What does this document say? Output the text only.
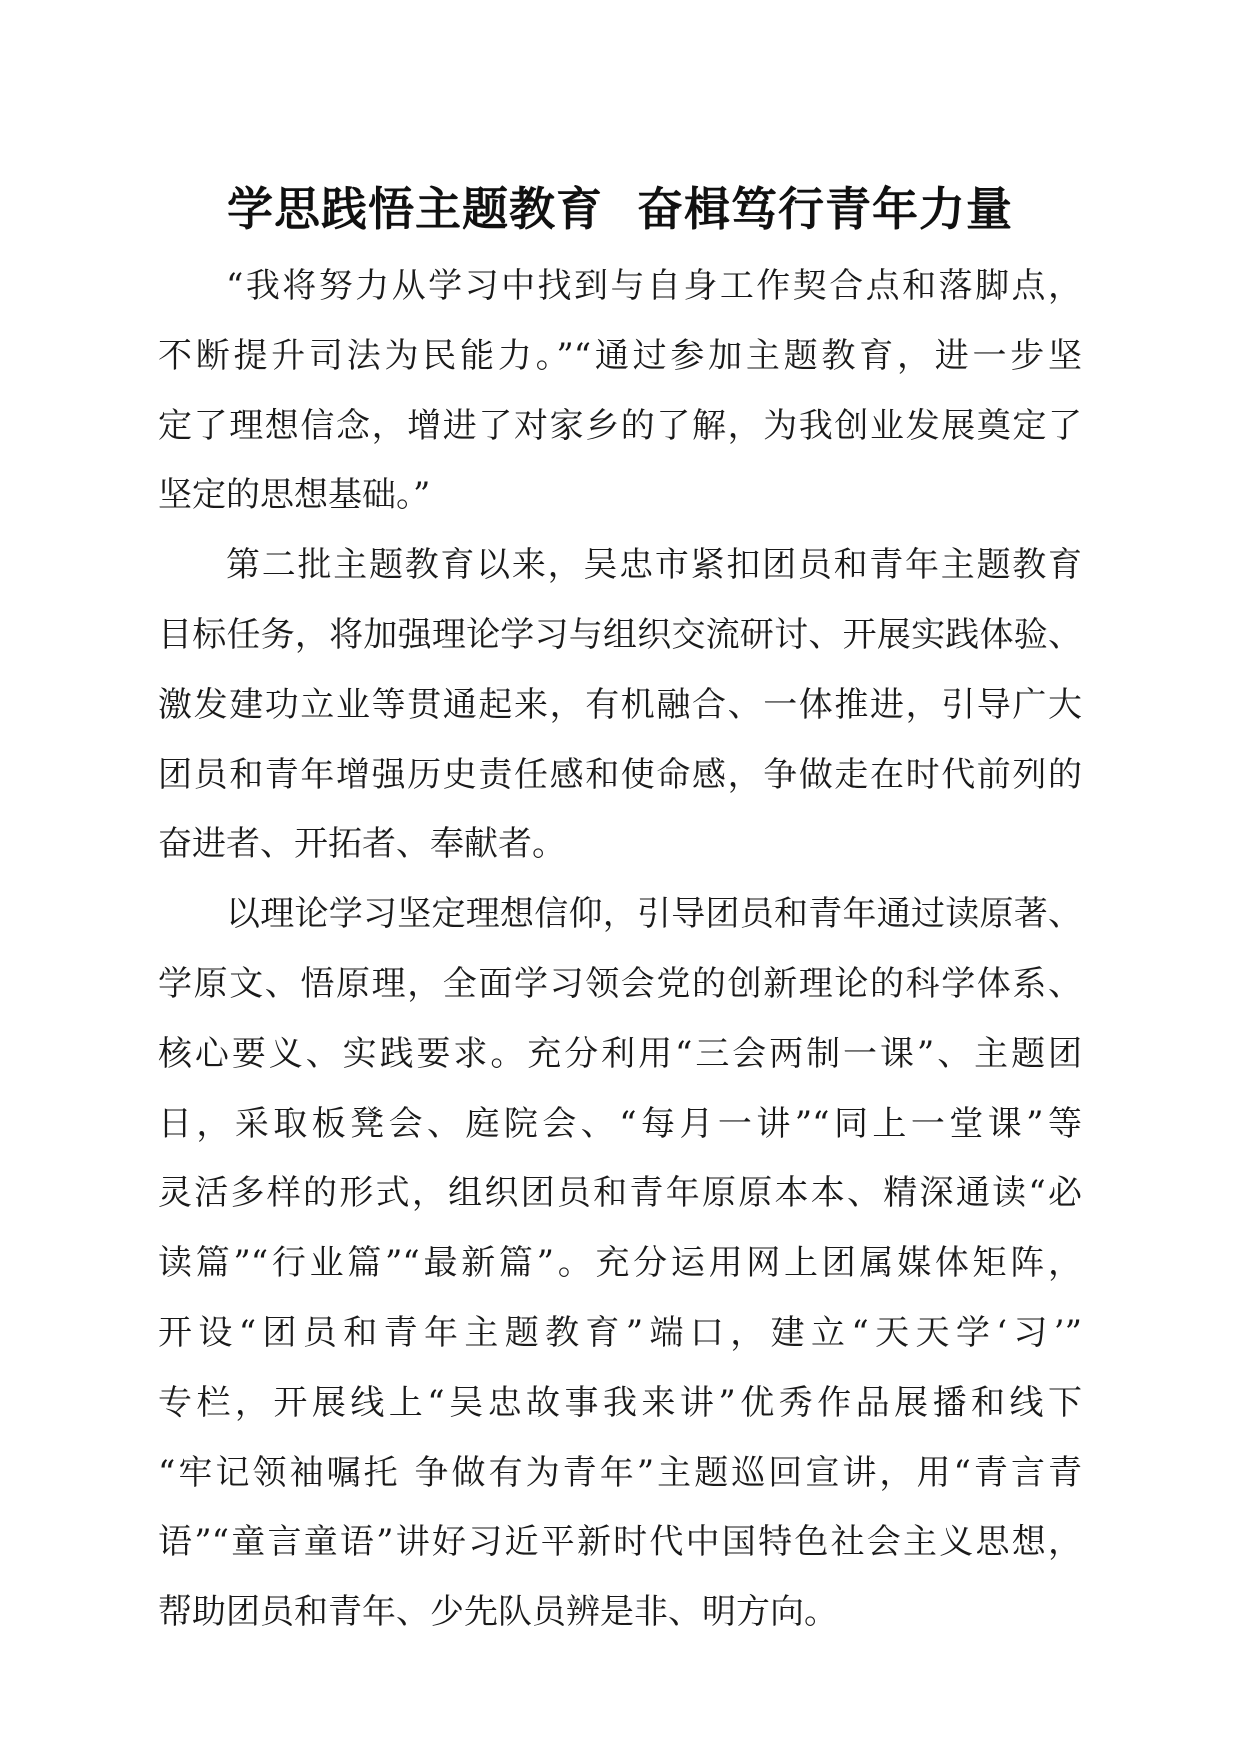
学思践悟主题教育  奋楫笃行青年力量

“我将努力从学习中找到与自身工作契合点和落脚点，
不断提升司法为民能力。”“通过参加主题教育，进一步坚
定了理想信念，增进了对家乡的了解，为我创业发展奠定了
坚定的思想基础。”

第二批主题教育以来，吴忠市紧扣团员和青年主题教育
目标任务，将加强理论学习与组织交流研讨、开展实践体验、
激发建功立业等贯通起来，有机融合、一体推进，引导广大
团员和青年增强历史责任感和使命感，争做走在时代前列的
奋进者、开拓者、奉献者。

以理论学习坚定理想信仰，引导团员和青年通过读原著、
学原文、悟原理，全面学习领会党的创新理论的科学体系、
核心要义、实践要求。充分利用“三会两制一课”、主题团
日，采取板凳会、庭院会、“每月一讲”“同上一堂课”等
灵活多样的形式，组织团员和青年原原本本、精深通读“必
读篇”“行业篇”“最新篇”。充分运用网上团属媒体矩阵，
开设“团员和青年主题教育”端口，建立“天天学‘习’”
专栏，开展线上“吴忠故事我来讲”优秀作品展播和线下
“牢记领袖嘱托 争做有为青年”主题巡回宣讲，用“青言青
语”“童言童语”讲好习近平新时代中国特色社会主义思想，
帮助团员和青年、少先队员辨是非、明方向。
